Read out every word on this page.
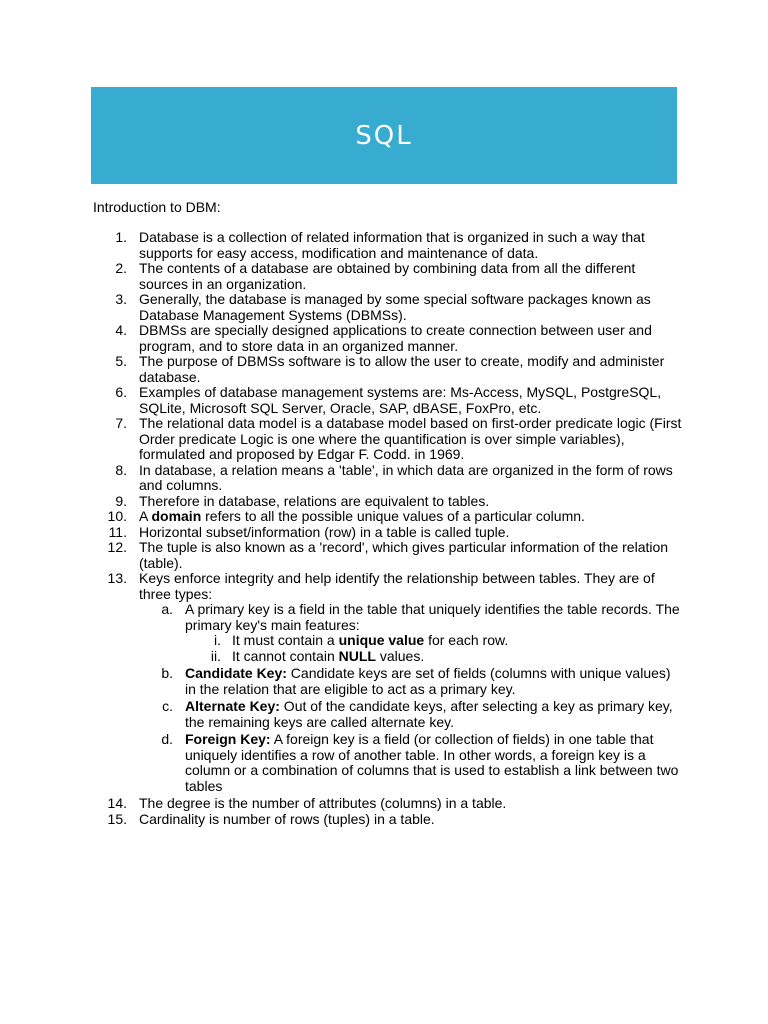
SQL
Introduction to DBM:
1. Database is a collection of related information that is organized in such a way that supports for easy access, modification and maintenance of data.
2. The contents of a database are obtained by combining data from all the different sources in an organization.
3. Generally, the database is managed by some special software packages known as Database Management Systems (DBMSs).
4. DBMSs are specially designed applications to create connection between user and program, and to store data in an organized manner.
5. The purpose of DBMSs software is to allow the user to create, modify and administer database.
6. Examples of database management systems are: Ms-Access, MySQL, PostgreSQL, SQLite, Microsoft SQL Server, Oracle, SAP, dBASE, FoxPro, etc.
7. The relational data model is a database model based on first-order predicate logic (First Order predicate Logic is one where the quantification is over simple variables), formulated and proposed by Edgar F. Codd. in 1969.
8. In database, a relation means a 'table', in which data are organized in the form of rows and columns.
9. Therefore in database, relations are equivalent to tables.
10. A domain refers to all the possible unique values of a particular column.
11. Horizontal subset/information (row) in a table is called tuple.
12. The tuple is also known as a 'record', which gives particular information of the relation (table).
13. Keys enforce integrity and help identify the relationship between tables. They are of three types:
a. A primary key is a field in the table that uniquely identifies the table records. The primary key's main features:
i. It must contain a unique value for each row.
ii. It cannot contain NULL values.
b. Candidate Key: Candidate keys are set of fields (columns with unique values) in the relation that are eligible to act as a primary key.
c. Alternate Key: Out of the candidate keys, after selecting a key as primary key, the remaining keys are called alternate key.
d. Foreign Key: A foreign key is a field (or collection of fields) in one table that uniquely identifies a row of another table. In other words, a foreign key is a column or a combination of columns that is used to establish a link between two tables
14. The degree is the number of attributes (columns) in a table.
15. Cardinality is number of rows (tuples) in a table.
